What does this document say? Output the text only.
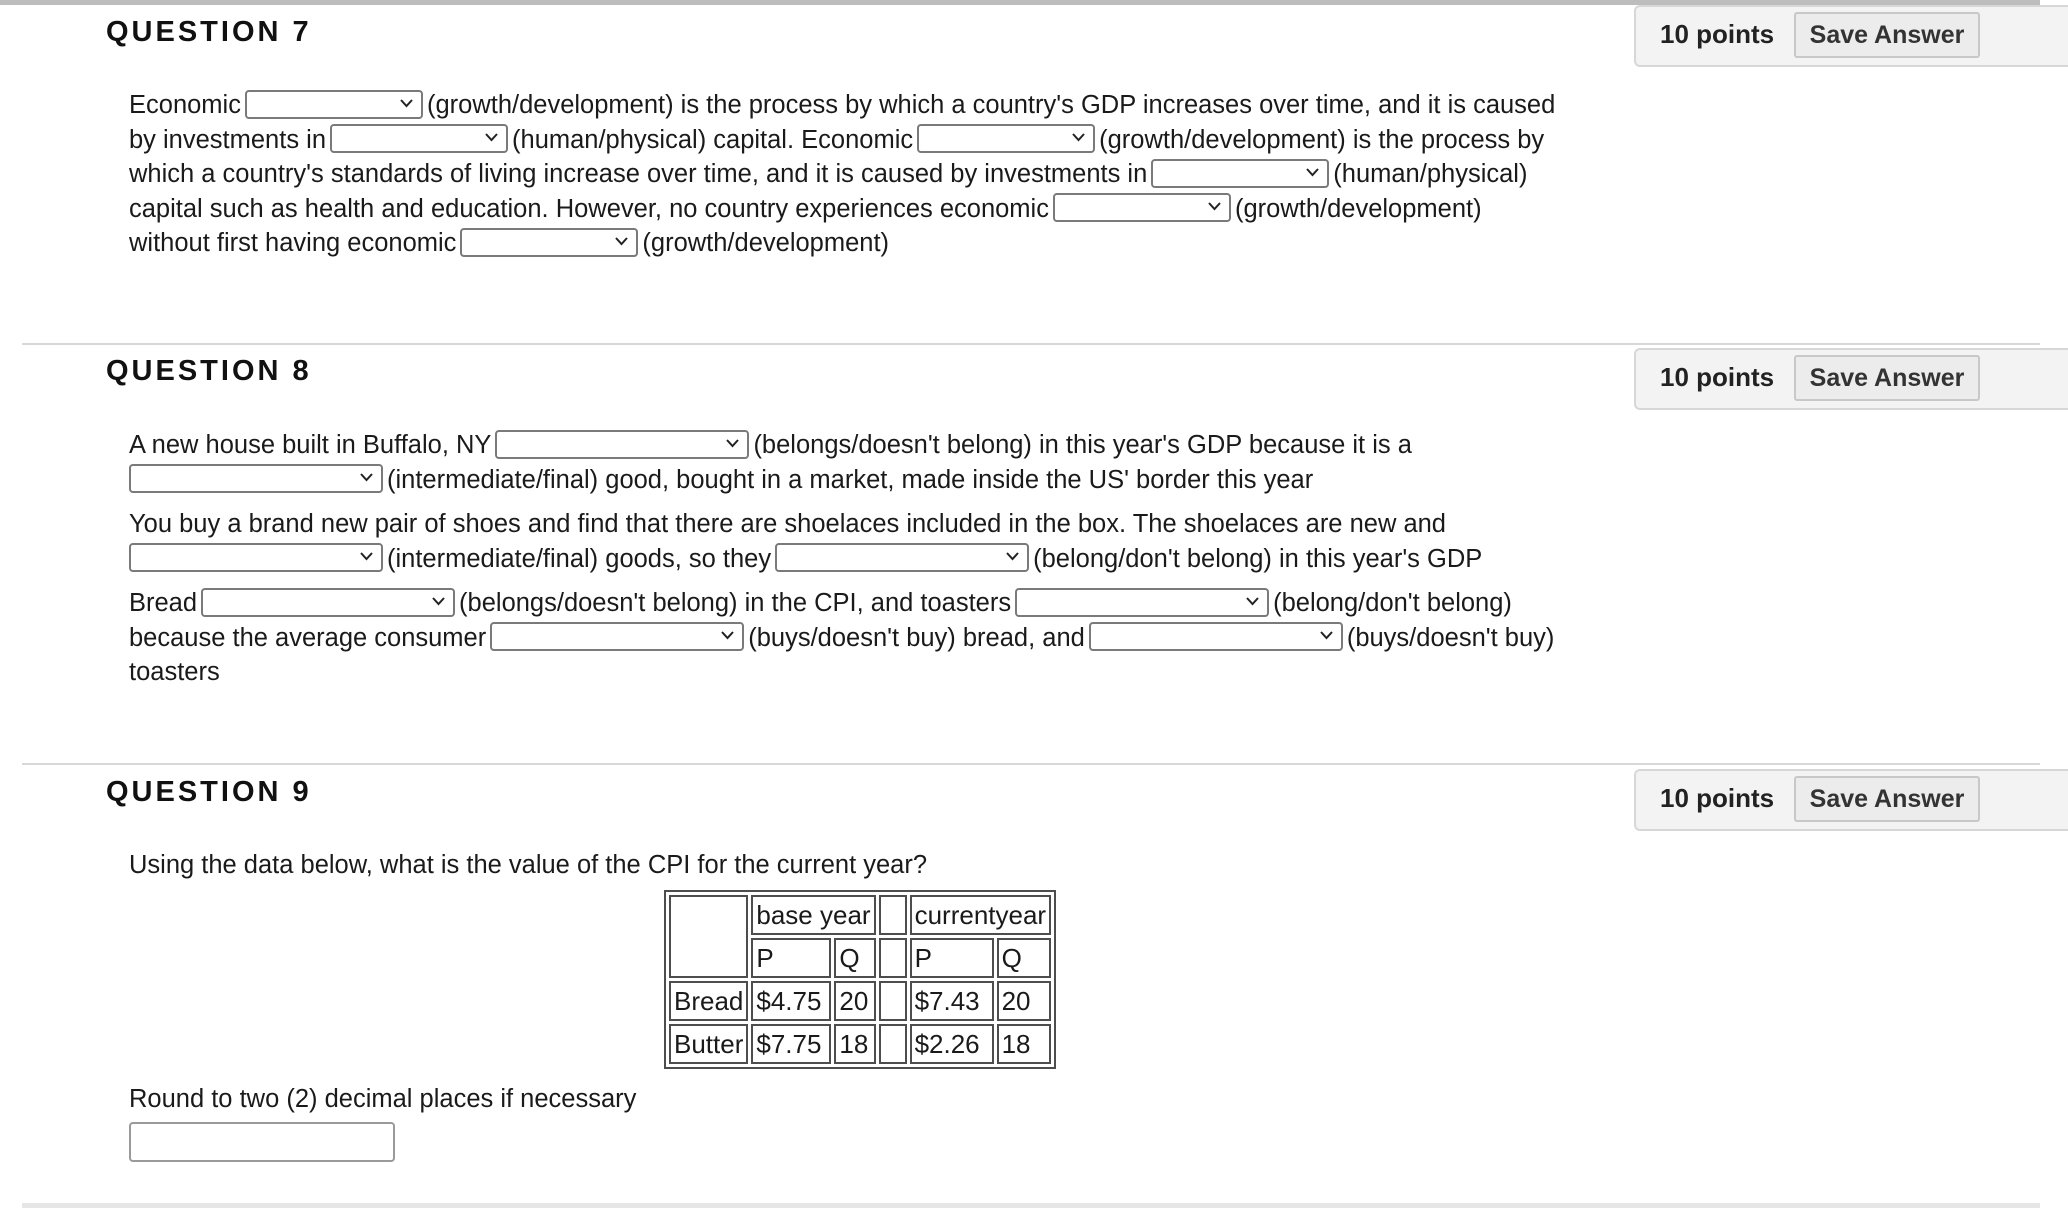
QUESTION 7	10 points	Save Answer

Economic	(growth/development) is the process by which a country's GDP increases over time, and it is caused
by investments in	(human/physical) capital. Economic	(growth/development) is the process by
which a country's standards of living increase over time, and it is caused by investments in	(human/physical)
capital such as health and education. However, no country experiences economic	(growth/development)
without first having economic	(growth/development)

QUESTION 8	10 points	Save Answer

A new house built in Buffalo, NY	(belongs/doesn't belong) in this year's GDP because it is a

(intermediate/final) good, bought in a market, made inside the US' border this year

You buy a brand new pair of shoes and find that there are shoelaces included in the box. The shoelaces are new and

(intermediate/final) goods, so they	(belong/don't belong) in this year's GDP

Bread	(belongs/doesn't belong) in the CPI, and toasters	(belong/don't belong)
because the average consumer	(buys/doesn't buy) bread, and	(buys/doesn't buy)
toasters

QUESTION 9	10 points	Save Answer
Using the data below, what is the value of the CPI for the current year?
	base year			currentyear	
	P	Q		P	Q
Bread	$4.75	20		$7.43	20
Butter	$7.75	18		$2.26	18
Round to two (2) decimal places if necessary
